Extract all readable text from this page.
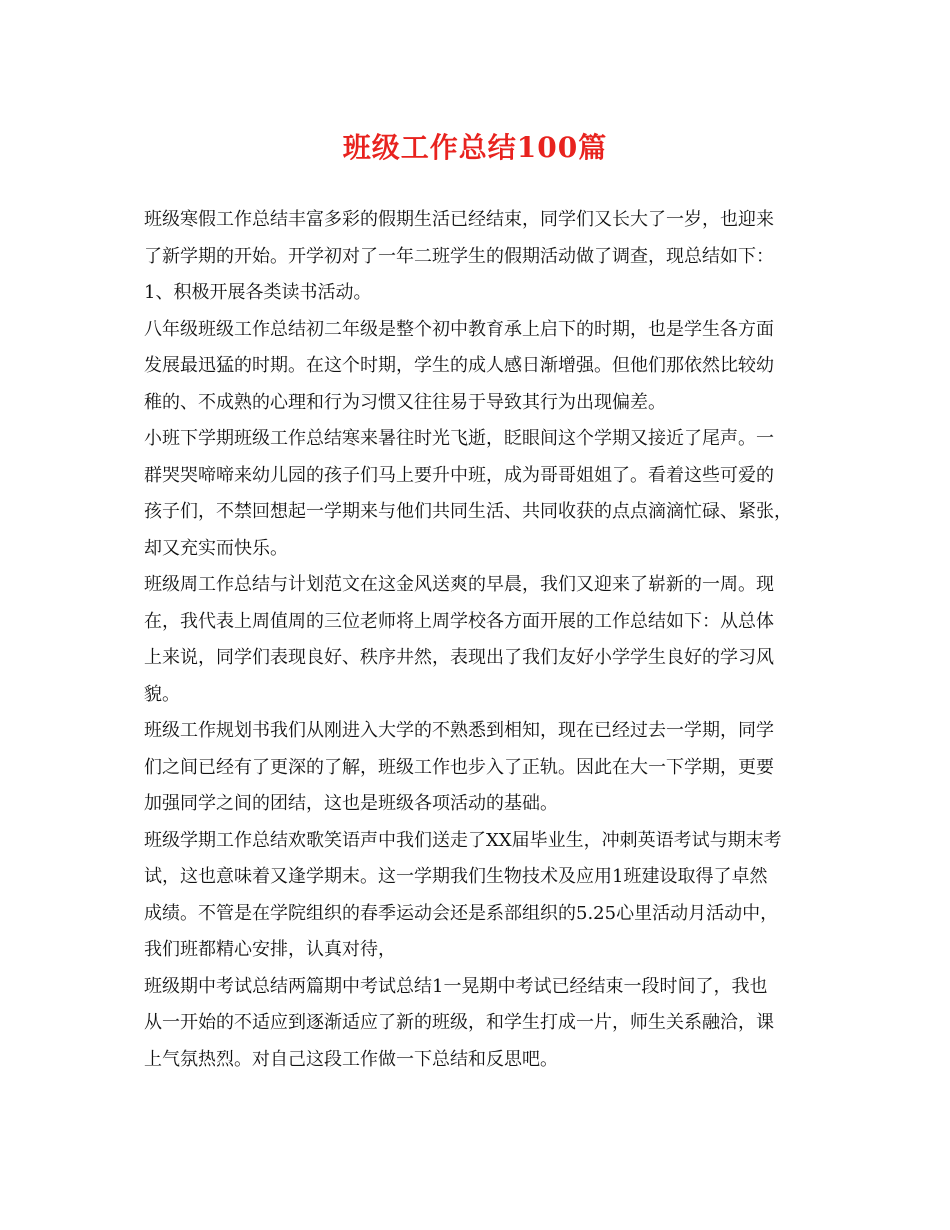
班级工作总结100篇
班级寒假工作总结丰富多彩的假期生活已经结束，同学们又长大了一岁，也迎来
了新学期的开始。开学初对了一年二班学生的假期活动做了调查，现总结如下：
1、积极开展各类读书活动。
八年级班级工作总结初二年级是整个初中教育承上启下的时期，也是学生各方面
发展最迅猛的时期。在这个时期，学生的成人感日渐增强。但他们那依然比较幼
稚的、不成熟的心理和行为习惯又往往易于导致其行为出现偏差。
小班下学期班级工作总结寒来暑往时光飞逝，眨眼间这个学期又接近了尾声。一
群哭哭啼啼来幼儿园的孩子们马上要升中班，成为哥哥姐姐了。看着这些可爱的
孩子们，不禁回想起一学期来与他们共同生活、共同收获的点点滴滴忙碌、紧张，
却又充实而快乐。
班级周工作总结与计划范文在这金风送爽的早晨，我们又迎来了崭新的一周。现
在，我代表上周值周的三位老师将上周学校各方面开展的工作总结如下：从总体
上来说，同学们表现良好、秩序井然，表现出了我们友好小学学生良好的学习风
貌。
班级工作规划书我们从刚进入大学的不熟悉到相知，现在已经过去一学期，同学
们之间已经有了更深的了解，班级工作也步入了正轨。因此在大一下学期，更要
加强同学之间的团结，这也是班级各项活动的基础。
班级学期工作总结欢歌笑语声中我们送走了XX届毕业生，冲刺英语考试与期末考
试，这也意味着又逢学期末。这一学期我们生物技术及应用1班建设取得了卓然
成绩。不管是在学院组织的春季运动会还是系部组织的5.25心里活动月活动中，
我们班都精心安排，认真对待，
班级期中考试总结两篇期中考试总结1一晃期中考试已经结束一段时间了，我也
从一开始的不适应到逐渐适应了新的班级，和学生打成一片，师生关系融洽，课
上气氛热烈。对自己这段工作做一下总结和反思吧。
